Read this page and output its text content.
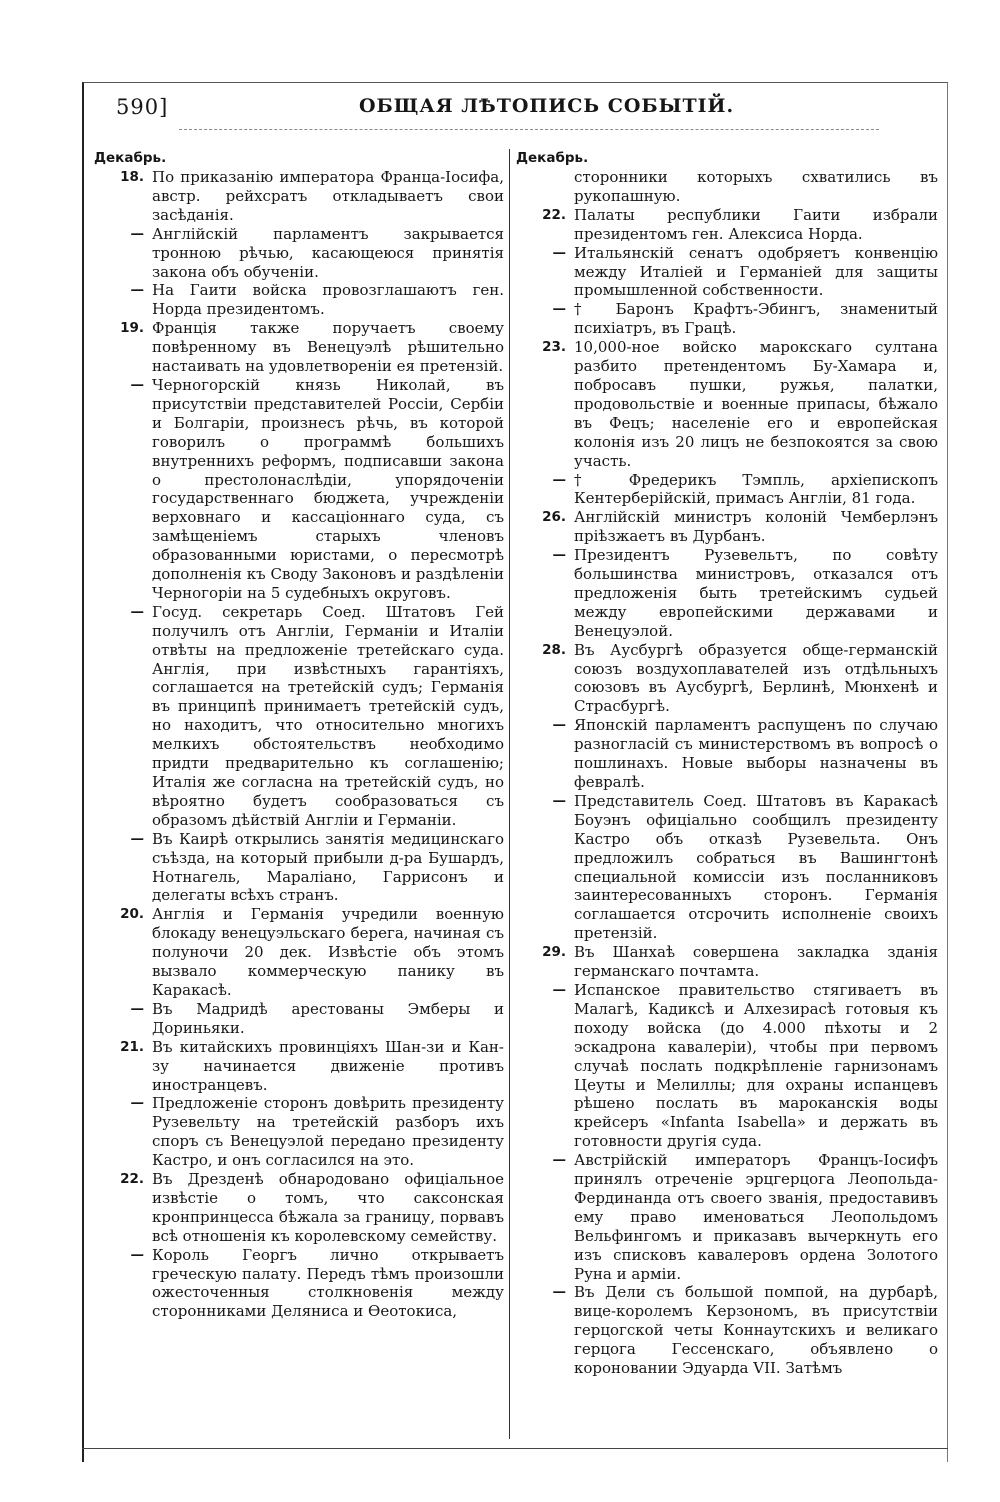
590]	ОБЩАЯ ЛѢТОПИСЬ СОБЫТІЙ.
Декабрь.
18. По приказанію императора Франца-Іосифа, австр. рейхсратъ откладываетъ свои засѣданія.
— Англійскій парламентъ закрывается тронною рѣчью, касающеюся принятія закона объ обученіи.
— На Гаити войска провозглашаютъ ген. Норда президентомъ.
19. Франція также поручаетъ своему повѣренному въ Венецуэлѣ рѣшительно настаивать на удовлетвореніи ея претензій.
— Черногорскій князь Николай, въ присутствіи представителей Россіи, Сербіи и Болгаріи, произнесъ рѣчь, въ которой говорилъ о программѣ большихъ внутреннихъ реформъ, подписавши закона о престолонаслѣдіи, упорядоченіи государственнаго бюджета, учрежденіи верховнаго и кассаціоннаго суда, съ замѣщеніемъ старыхъ членовъ образованными юристами, о пересмотрѣ дополненія къ Своду Законовъ и раздѣленіи Черногоріи на 5 судебныхъ округовъ.
— Госуд. секретарь Соед. Штатовъ Гей получилъ отъ Англіи, Германіи и Италіи отвѣты на предложеніе третейскаго суда. Англія, при извѣстныхъ гарантіяхъ, соглашается на третейскій судъ; Германія въ принципѣ принимаетъ третейскій судъ, но находитъ, что относительно многихъ мелкихъ обстоятельствъ необходимо придти предварительно къ соглашенію; Италія же согласна на третейскій судъ, но вѣроятно будетъ сообразоваться съ образомъ дѣйствій Англіи и Германіи.
— Въ Каирѣ открылись занятія медицинскаго съѣзда, на который прибыли д-ра Бушардъ, Нотнагель, Маралiано, Гаррисонъ и делегаты всѣхъ странъ.
20. Англія и Германія учредили военную блокаду венецуэльскаго берега, начиная съ полуночи 20 дек. Извѣстіе объ этомъ вызвало коммерческую панику въ Каракасѣ.
— Въ Мадридѣ арестованы Эмберы и Дориньяки.
21. Въ китайскихъ провинціяхъ Шан-зи и Кан-зу начинается движеніе противъ иностранцевъ.
— Предложеніе сторонъ довѣрить президенту Рузевельту на третейскій разборъ ихъ споръ съ Венецуэлой передано президенту Кастро, и онъ согласился на это.
22. Въ Дрезденѣ обнародовано офиціальное извѣстіе о томъ, что саксонская кронпринцесса бѣжала за границу, порвавъ всѣ отношенія къ королевскому семейству.
— Король Георгъ лично открываетъ греческую палату. Передъ тѣмъ произошли ожесточенныя столкновенія между сторонниками Деляниса и Ѳеотокиса,
Декабрь.
сторонники которыхъ схватились въ рукопашную.
22. Палаты республики Гаити избрали президентомъ ген. Алексиса Норда.
— Итальянскій сенатъ одобряетъ конвенцію между Италіей и Германіей для защиты промышленной собственности.
— † Баронъ Крафтъ-Эбингъ, знаменитый психіатръ, въ Грацѣ.
23. 10,000-ное войско марокскаго султана разбито претендентомъ Бу-Хамара и, побросавъ пушки, ружья, палатки, продовольствіе и военные припасы, бѣжало въ Фецъ; населеніе его и европейская колонія изъ 20 лицъ не безпокоятся за свою участь.
— † Фредерикъ Тэмпль, архіепископъ Кентерберійскій, примасъ Англіи, 81 года.
26. Англійскій министръ колоній Чемберлэнъ пріѣзжаетъ въ Дурбанъ.
— Президентъ Рузевельтъ, по совѣту большинства министровъ, отказался отъ предложенія быть третейскимъ судьей между европейскими державами и Венецуэлой.
28. Въ Аусбургѣ образуется обще-германскій союзъ воздухоплавателей изъ отдѣльныхъ союзовъ въ Аусбургѣ, Берлинѣ, Мюнхенѣ и Страсбургѣ.
— Японскій парламентъ распущенъ по случаю разногласій съ министерствомъ въ вопросѣ о пошлинахъ. Новые выборы назначены въ февралѣ.
— Представитель Соед. Штатовъ въ Каракасѣ Боуэнъ офиціально сообщилъ президенту Кастро объ отказѣ Рузевельта. Онъ предложилъ собраться въ Вашингтонѣ специальной комиссіи изъ посланниковъ заинтересованныхъ сторонъ. Германія соглашается отсрочить исполненіе своихъ претензій.
29. Въ Шанхаѣ совершена закладка зданія германскаго почтамта.
— Испанское правительство стягиваетъ въ Малагѣ, Кадиксѣ и Алхезирасѣ готовыя къ походу войска (до 4.000 пѣхоты и 2 эскадрона кавалеріи), чтобы при первомъ случаѣ послать подкрѣпленіе гарнизонамъ Цеуты и Мелиллы; для охраны испанцевъ рѣшено послать въ мароканскія воды крейсеръ «Infanta Isabella» и держать въ готовности другія суда.
— Австрійскій императоръ Францъ-Іосифъ принялъ отреченіе эрцгерцога Леопольда-Фердинанда отъ своего званія, предоставивъ ему право именоваться Леопольдомъ Вельфингомъ и приказавъ вычеркнуть его изъ списковъ кавалеровъ ордена Золотого Руна и арміи.
— Въ Дели съ большой помпой, на дурбарѣ, вице-королемъ Керзономъ, въ присутствіи герцогской четы Коннаутскихъ и великаго герцога Гессенскаго, объявлено о короновании Эдуарда VII. Затѣмъ
